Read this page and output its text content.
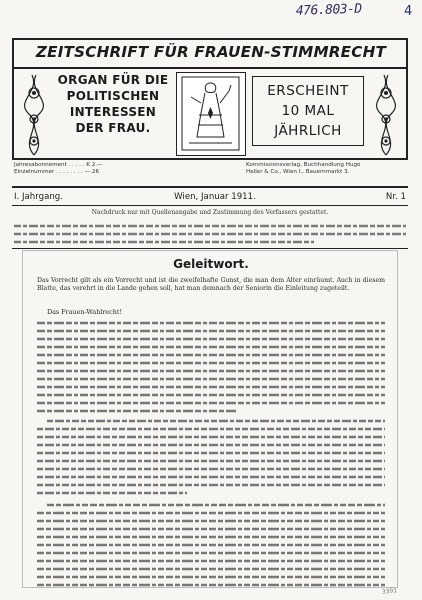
476.803-D	4
ZEITSCHRIFT FÜR FRAUEN-STIMMRECHT
ORGAN FÜR DIE
POLITISCHEN
INTERESSEN
DER FRAU.
ERSCHEINT
10 MAL
JÄHRLICH
Jahresabonnement . . . . . K 2.—
Einzelnummer . . . . . . . . —.26
Kommissionsverlag, Buchhandlung Hugo
Heller & Co., Wien I., Bauernmarkt 3.
I. Jahrgang.	Wien, Januar 1911.	Nr. 1
Nachdruck nur mit Quellenangabe und Zustimmung des Verfassers gestattet.
Geleitwort.
Das Vorrecht gilt als ein Vorrecht und ist die zweifelhafte Gunst, die man dem Alter einräumt. Auch in diesem Blatte, das verehrt in die Lande gehen soll, hat man demnach der Seniorin die Einleitung zugeteilt.
Das Frauen-Wahlrecht!
3391
